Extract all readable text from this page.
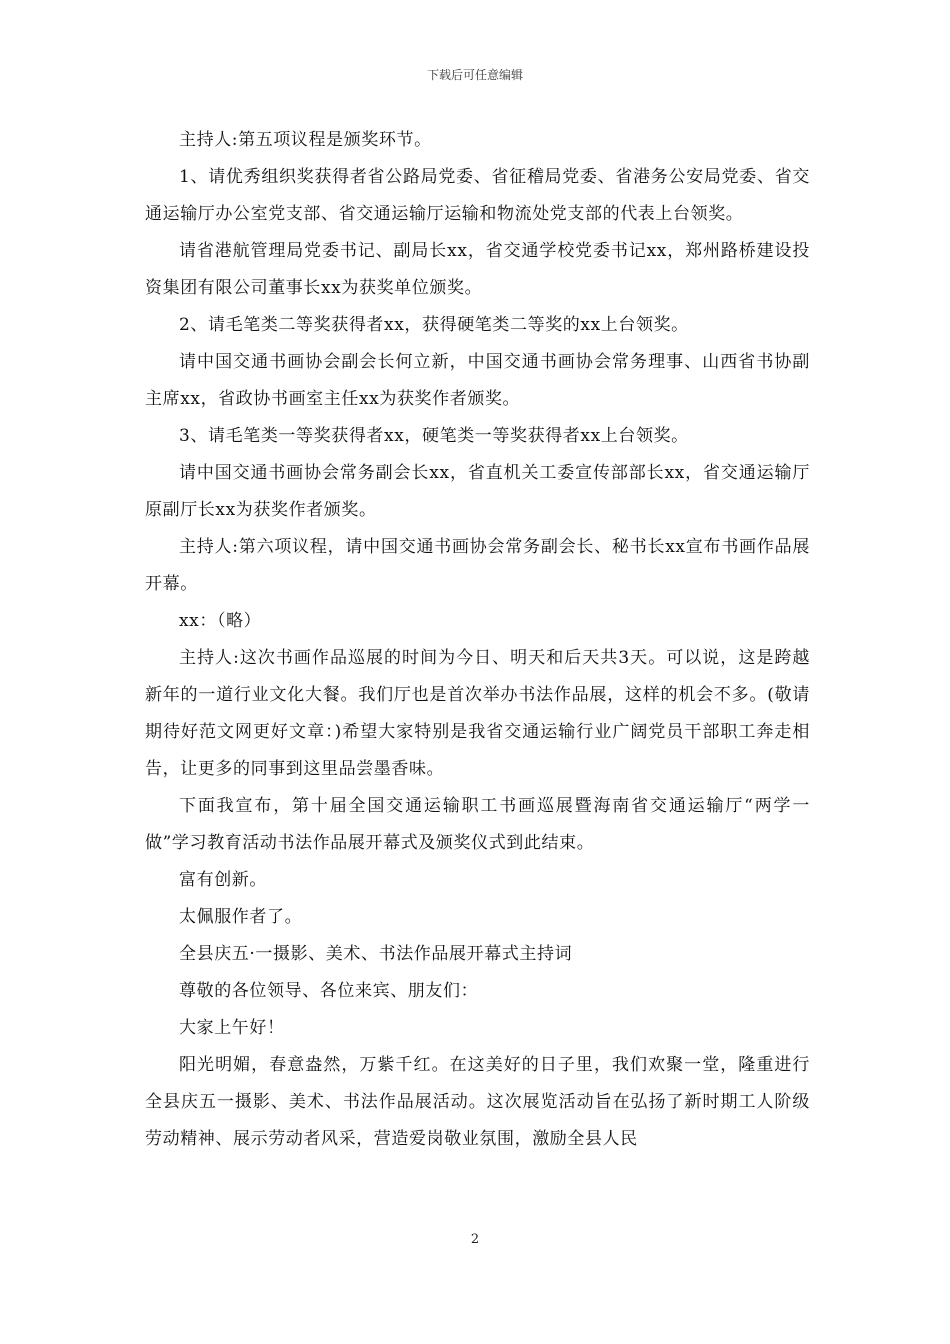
下载后可任意编辑

主持人:第五项议程是颁奖环节。

1、请优秀组织奖获得者省公路局党委、省征稽局党委、省港务公安局党委、省交通运输厅办公室党支部、省交通运输厅运输和物流处党支部的代表上台领奖。

请省港航管理局党委书记、副局长xx，省交通学校党委书记xx，郑州路桥建设投资集团有限公司董事长xx为获奖单位颁奖。

2、请毛笔类二等奖获得者xx，获得硬笔类二等奖的xx上台领奖。

请中国交通书画协会副会长何立新，中国交通书画协会常务理事、山西省书协副主席xx，省政协书画室主任xx为获奖作者颁奖。

3、请毛笔类一等奖获得者xx，硬笔类一等奖获得者xx上台领奖。

请中国交通书画协会常务副会长xx，省直机关工委宣传部部长xx，省交通运输厅原副厅长xx为获奖作者颁奖。

主持人:第六项议程，请中国交通书画协会常务副会长、秘书长xx宣布书画作品展开幕。

xx：（略）

主持人:这次书画作品巡展的时间为今日、明天和后天共3天。可以说，这是跨越新年的一道行业文化大餐。我们厅也是首次举办书法作品展，这样的机会不多。(敬请期待好范文网更好文章：)希望大家特别是我省交通运输行业广阔党员干部职工奔走相告，让更多的同事到这里品尝墨香味。

下面我宣布，第十届全国交通运输职工书画巡展暨海南省交通运输厅“两学一做”学习教育活动书法作品展开幕式及颁奖仪式到此结束。

富有创新。

太佩服作者了。

全县庆五·一摄影、美术、书法作品展开幕式主持词

尊敬的各位领导、各位来宾、朋友们：

大家上午好！

阳光明媚，春意盎然，万紫千红。在这美好的日子里，我们欢聚一堂，隆重进行全县庆五一摄影、美术、书法作品展活动。这次展览活动旨在弘扬了新时期工人阶级劳动精神、展示劳动者风采，营造爱岗敬业氛围，激励全县人民

2
